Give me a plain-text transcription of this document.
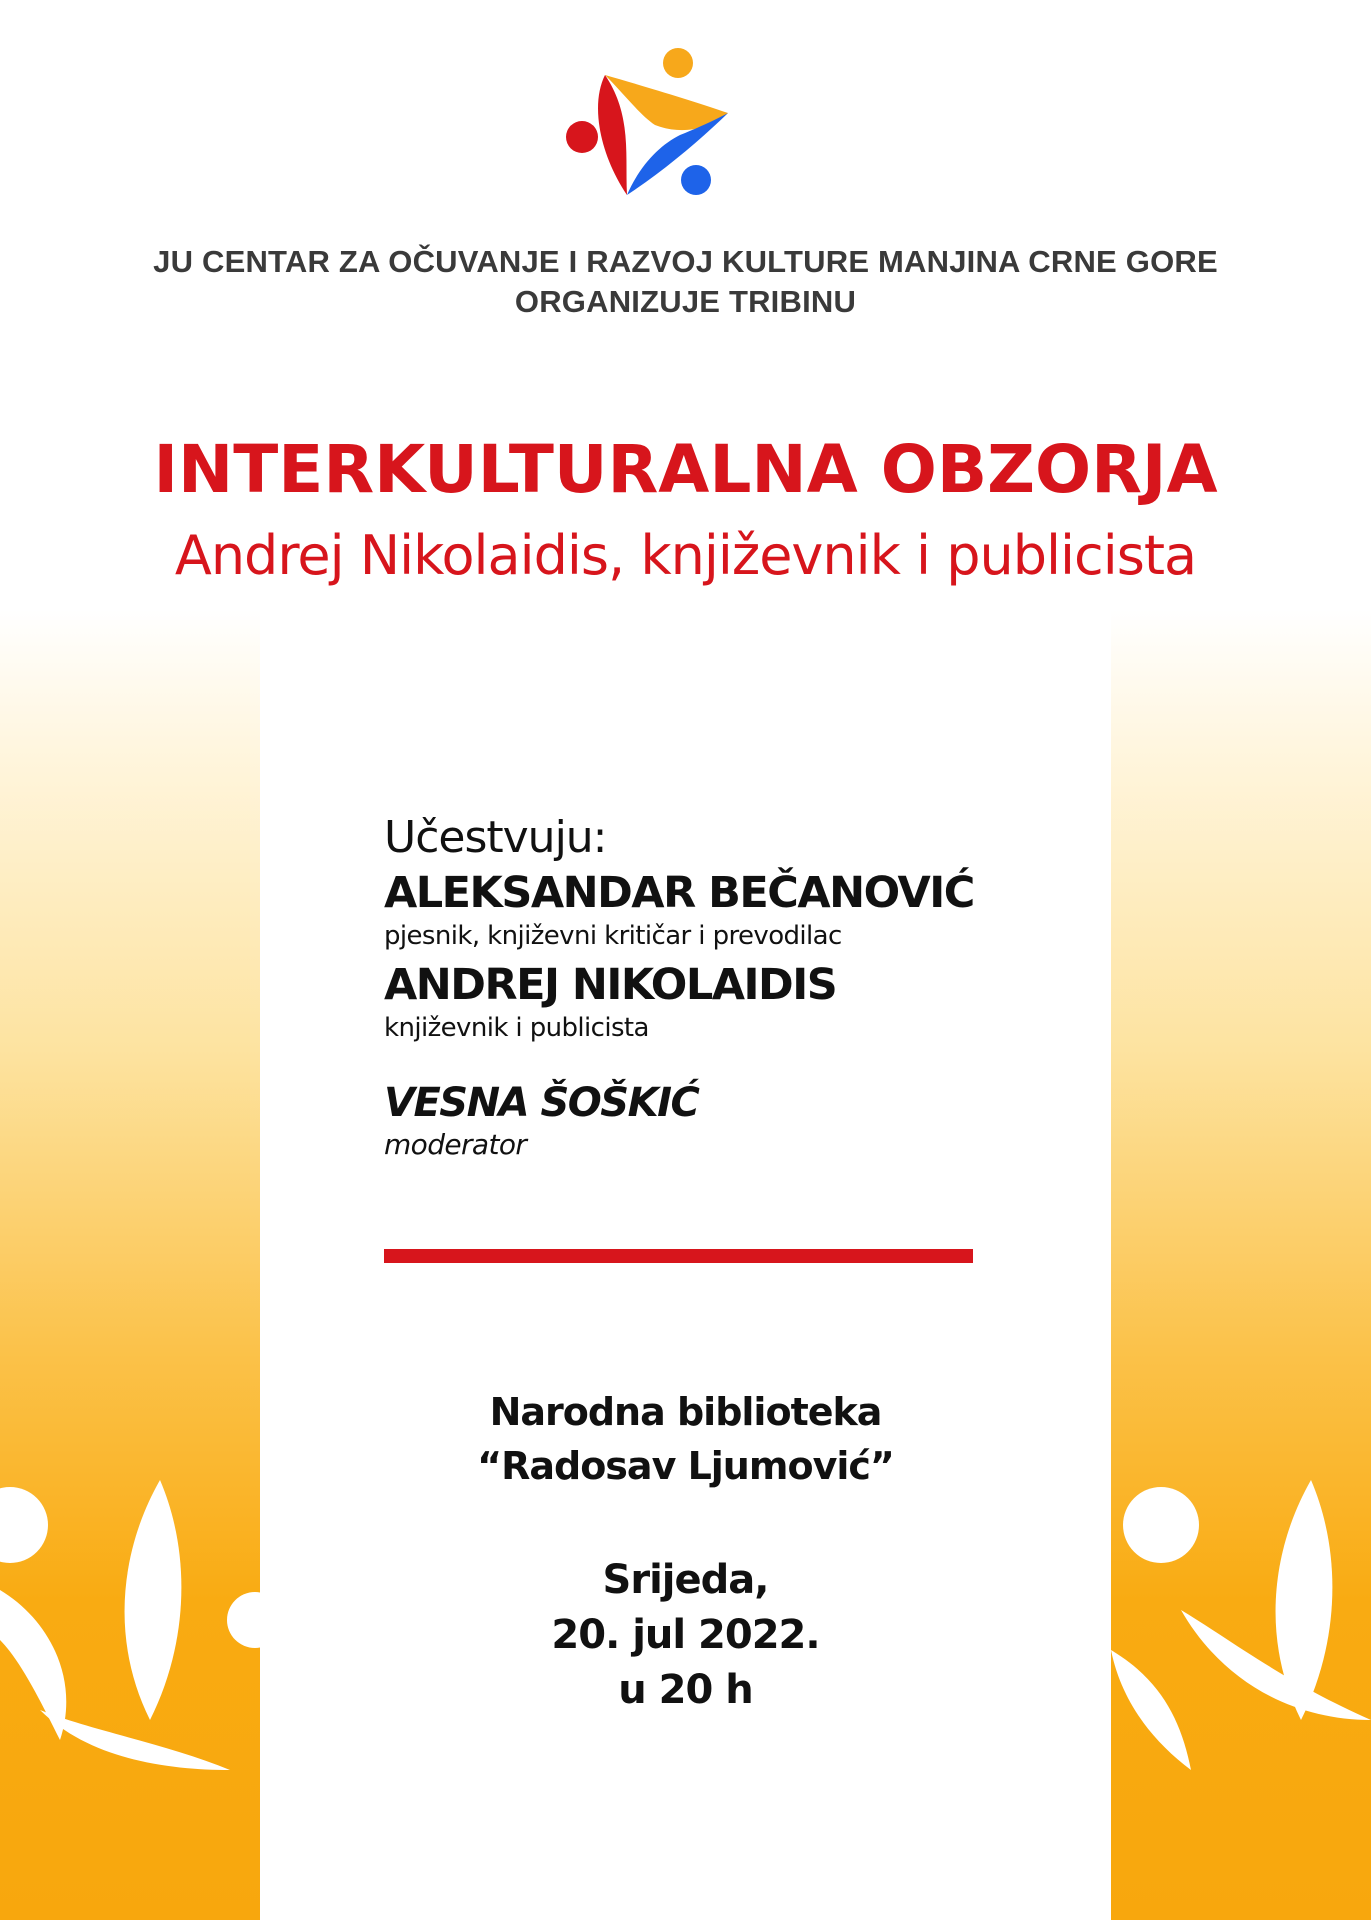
JU CENTAR ZA OČUVANJE I RAZVOJ KULTURE MANJINA CRNE GORE
ORGANIZUJE TRIBINU
INTERKULTURALNA OBZORJA
Andrej Nikolaidis, književnik i publicista
Učestvuju:
ALEKSANDAR BEČANOVIĆ
pjesnik, književni kritičar i prevodilac
ANDREJ NIKOLAIDIS
književnik i publicista
VESNA ŠOŠKIĆ
moderator
Narodna biblioteka
“Radosav Ljumović”
Srijeda,
20. jul 2022.
u 20 h
